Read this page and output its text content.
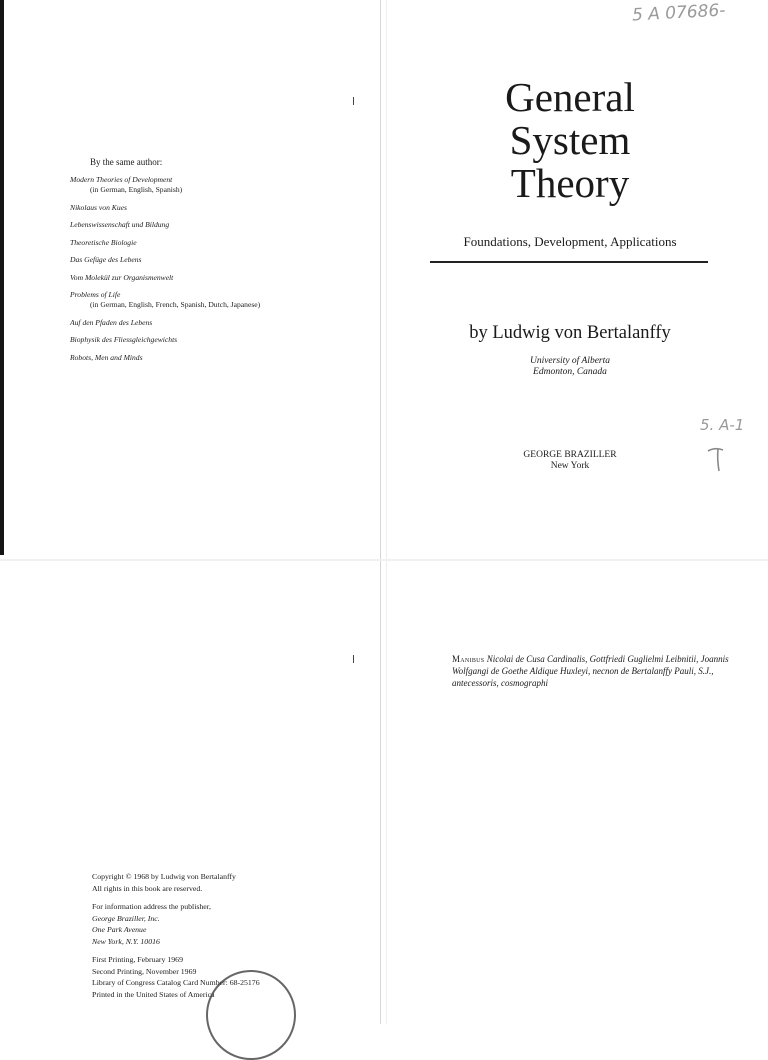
By the same author:
Modern Theories of Development
(in German, English, Spanish)
Nikolaus von Kues
Lebenswissenschaft und Bildung
Theoretische Biologie
Das Gefüge des Lebens
Vom Molekül zur Organismenwelt
Problems of Life
(in German, English, French, Spanish, Dutch, Japanese)
Auf den Pfaden des Lebens
Biophysik des Fliessgleichgewichts
Robots, Men and Minds
5 A 07686-
General
System
Theory
Foundations, Development, Applications
by Ludwig von Bertalanffy
University of Alberta
Edmonton, Canada
5. A-1
GEORGE BRAZILLER
New York
Manibus Nicolai de Cusa Cardinalis, Gottfriedi Guglielmi Leibnitii, Joannis Wolfgangi de Goethe Aldique Huxleyi, necnon de Bertalanffy Pauli, S.J., antecessoris, cosmographi
Copyright © 1968 by Ludwig von Bertalanffy
All rights in this book are reserved.
For information address the publisher,
George Braziller, Inc.
One Park Avenue
New York, N.Y. 10016
First Printing, February 1969
Second Printing, November 1969
Library of Congress Catalog Card Number: 68-25176
Printed in the United States of America
